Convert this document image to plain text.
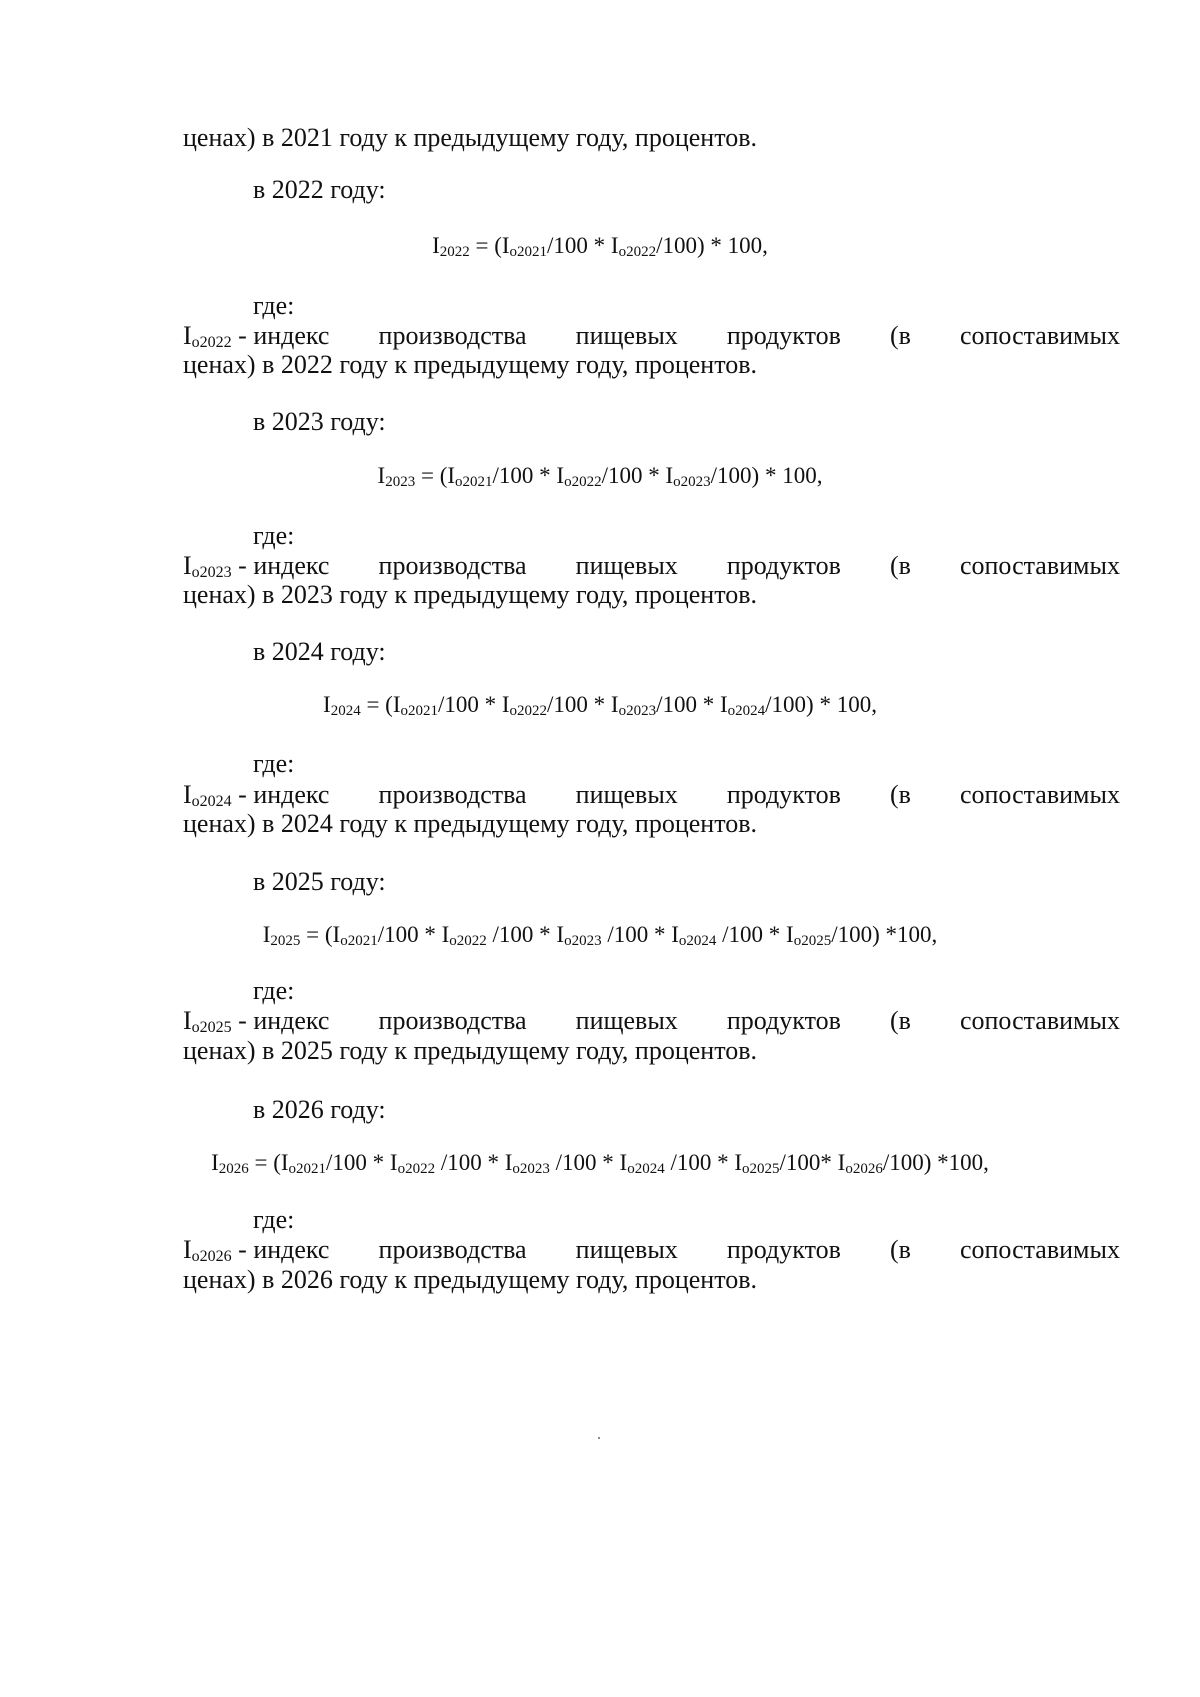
ценах) в 2021 году к предыдущему году, процентов.
в 2022 году:
$I_{2022} = (I_{o2021}/100 * I_{o2022}/100) * 100$,
где:
$I_{o2022}$ - индекс производства пищевых продуктов (в сопоставимых
ценах) в 2022 году к предыдущему году, процентов.
в 2023 году:
$I_{2023} = (I_{o2021}/100 * I_{o2022}/100 * I_{o2023}/100) * 100$,
где:
$I_{o2023}$ - индекс производства пищевых продуктов (в сопоставимых
ценах) в 2023 году к предыдущему году, процентов.
в 2024 году:
$I_{2024} = (I_{o2021}/100 * I_{o2022}/100 * I_{o2023}/100 * I_{o2024}/100) * 100$,
где:
$I_{o2024}$ - индекс производства пищевых продуктов (в сопоставимых
ценах) в 2024 году к предыдущему году, процентов.
в 2025 году:
$I_{2025} = (I_{o2021}/100 * I_{o2022}$ $/100 * I_{o2023}$ $/100 * I_{o2024}$ $/100 * I_{o2025}/100$) *100,
где:
$I_{o2025}$ - индекс производства пищевых продуктов (в сопоставимых
ценах) в 2025 году к предыдущему году, процентов.
в 2026 году:
$I_{2026} = (I_{o2021}/100 * I_{o2022}$ $/100 * I_{o2023}$ $/100 * I_{o2024}$ $/100 * I_{o2025}/100*$ $I_{o2026}/100$) *100,
где:
$I_{o2026}$ - индекс производства пищевых продуктов (в сопоставимых
ценах) в 2026 году к предыдущему году, процентов.
